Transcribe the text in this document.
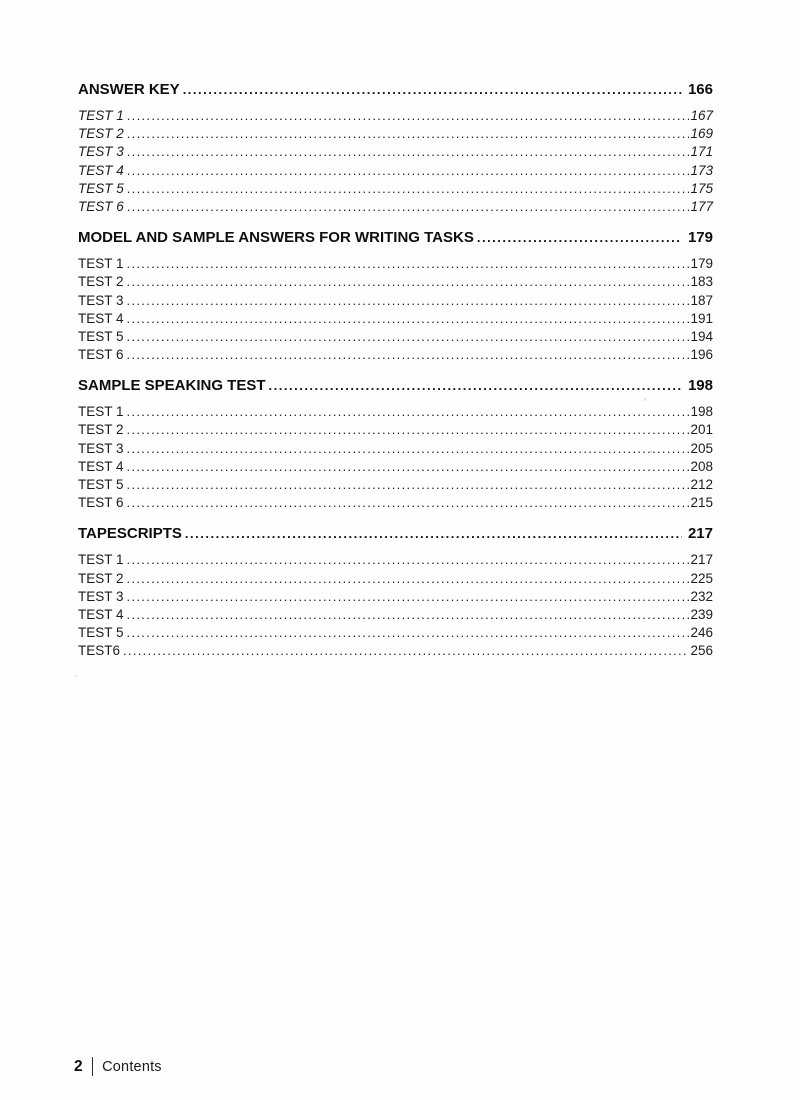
ANSWER KEY .....	166
TEST 1 .....	167
TEST 2 .....	169
TEST 3 .....	171
TEST 4 .....	173
TEST 5 .....	175
TEST 6 .....	177
MODEL AND SAMPLE ANSWERS FOR WRITING TASKS .....	179
TEST 1 .....	179
TEST 2 .....	183
TEST 3 .....	187
TEST 4 .....	191
TEST 5 .....	194
TEST 6 .....	196
SAMPLE SPEAKING TEST .....	198
TEST 1 .....	198
TEST 2 .....	201
TEST 3 .....	205
TEST 4 .....	208
TEST 5 .....	212
TEST 6 .....	215
TAPESCRIPTS .....	217
TEST 1 .....	217
TEST 2 .....	225
TEST 3 .....	232
TEST 4 .....	239
TEST 5 .....	246
TEST6 .....	256
’
’
·
2 Contents
